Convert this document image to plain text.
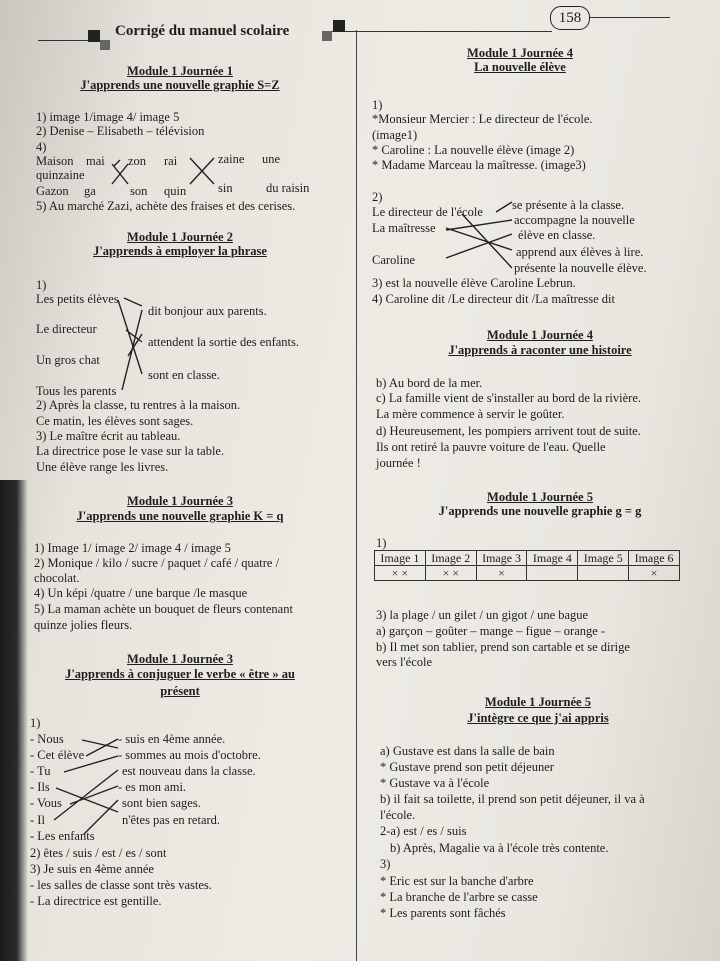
Corrigé du manuel scolaire
158
Module 1 Journée 1
J'apprends une nouvelle graphie S=Z
1) image 1/image 4/ image 5
2) Denise – Elisabeth – télévision
4)
Maison mai zon rai	zaine une
quinzaine
Gazon ga	son quin	sin	du raisin
5) Au marché Zazi, achète des fraises et des cerises.
Module 1 Journée 2
J'apprends à employer la phrase
1)
Les petits élèves
Le directeur
Un gros chat
Tous les parents
dit bonjour aux parents.
attendent la sortie des enfants.
sont en classe.
2) Après la classe, tu rentres à la maison.
Ce matin, les élèves sont sages.
3) Le maître écrit au tableau.
La directrice pose le vase sur la table.
Une élève range les livres.
Module 1 Journée 3
J'apprends une nouvelle graphie K = q
1) Image 1/ image 2/ image 4 / image 5
2) Monique / kilo / sucre / paquet / café / quatre /
chocolat.
4) Un képi /quatre / une barque /le masque
5) La maman achète un bouquet de fleurs contenant
quinze jolies fleurs.
Module 1 Journée 3
J'apprends à conjuguer le verbe « être » au
présent
1)
- Nous
- Cet élève
- Tu
- Ils
- Vous
- Il
- Les enfants
- suis en 4ème année.
- sommes au mois d'octobre.
est nouveau dans la classe.
- es mon ami.
sont bien sages.
n'êtes pas en retard.
2) êtes / suis / est / es / sont
3) Je suis en 4ème année
- les salles de classe sont très vastes.
- La directrice est gentille.
Module 1 Journée 4
La nouvelle élève
1)
*Monsieur Mercier : Le directeur de l'école.
(image1)
* Caroline : La nouvelle élève (image 2)
* Madame Marceau la maîtresse. (image3)
2)
Le directeur de l'école
La maîtresse
Caroline
se présente à la classe.
accompagne la nouvelle
élève en classe.
apprend aux élèves à lire.
présente la nouvelle élève.
3) est la nouvelle élève Caroline Lebrun.
4) Caroline dit /Le directeur dit /La maîtresse dit
Module 1 Journée 4
J'apprends à raconter une histoire
b) Au bord de la mer.
c) La famille vient de s'installer au bord de la rivière.
La mère commence à servir le goûter.
d) Heureusement, les pompiers arrivent tout de suite.
Ils ont retiré la pauvre voiture de l'eau. Quelle
journée !
Module 1 Journée 5
J'apprends une nouvelle graphie g = g
1)
Image 1	Image 2	Image 3	Image 4	Image 5	Image 6
× ×	× ×	×			×
3) la plage / un gilet / un gigot / une bague
a) garçon – goûter – mange – figue – orange -
b) Il met son tablier, prend son cartable et se dirige
vers l'école
Module 1 Journée 5
J'intègre ce que j'ai appris
a) Gustave est dans la salle de bain
* Gustave prend son petit déjeuner
* Gustave va à l'école
b) il fait sa toilette, il prend son petit déjeuner, il va à
l'école.
2-a) est / es / suis
b) Après, Magalie va à l'école très contente.
3)
* Eric est sur la banche d'arbre
* La branche de l'arbre se casse
* Les parents sont fâchés
